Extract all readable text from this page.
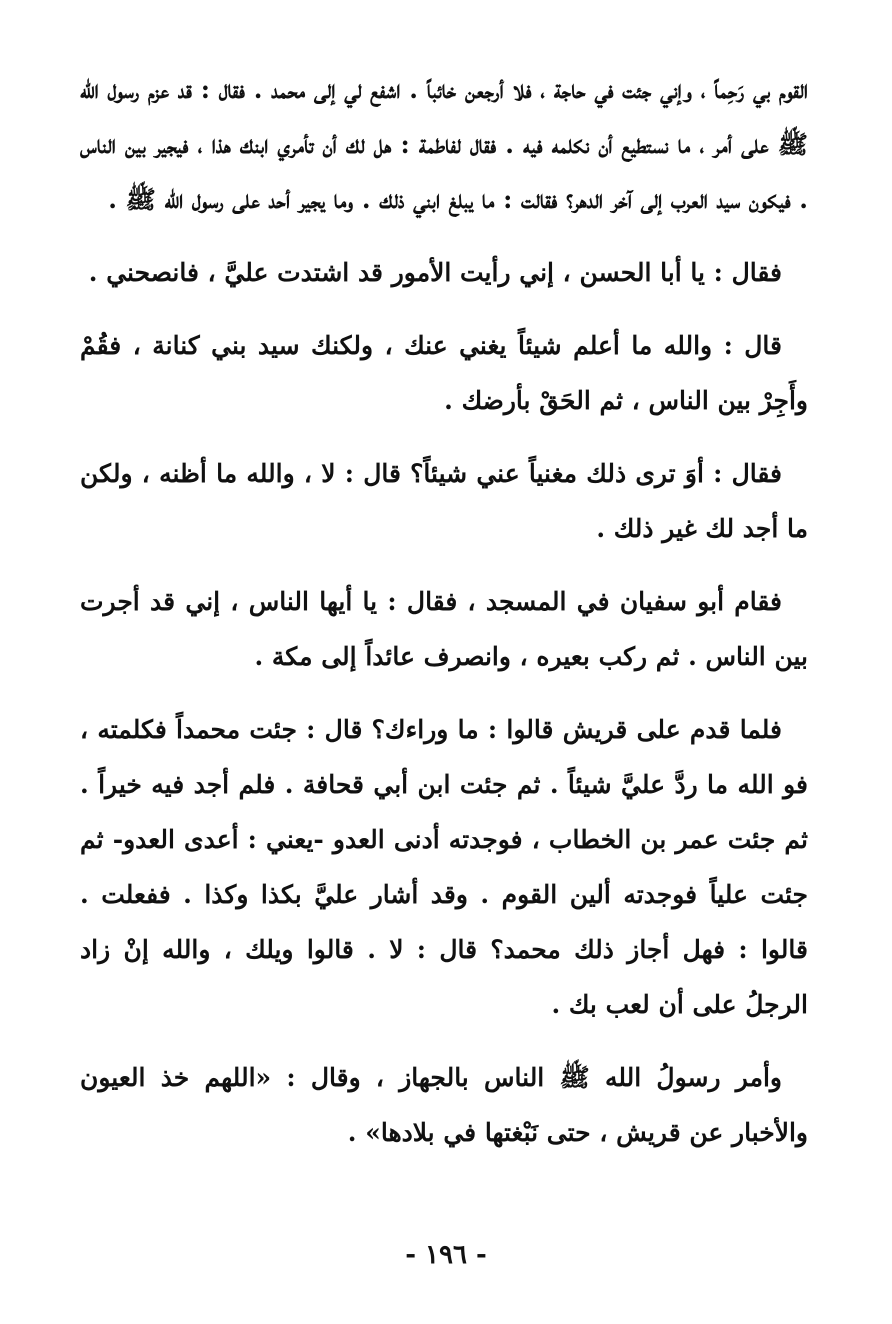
القوم بي رَحِماً ، وإني جئت في حاجة ، فلا أرجعن خائباً . اشفع لي إلى محمد . فقال : قد عزم رسول الله ﷺ على أمر ، ما نستطيع أن نكلمه فيه . فقال لفاطمة : هل لك أن تأمري ابنك هذا ، فيجير بين الناس . فيكون سيد العرب إلى آخر الدهر؟ فقالت : ما يبلغ ابني ذلك . وما يجير أحد على رسول الله ﷺ .

فقال : يا أبا الحسن ، إني رأيت الأمور قد اشتدت عليَّ ، فانصحني .

قال : والله ما أعلم شيئاً يغني عنك ، ولكنك سيد بني كنانة ، فقُمْ وأَجِرْ بين الناس ، ثم الحَقْ بأرضك .

فقال : أوَ ترى ذلك مغنياً عني شيئاً؟ قال : لا ، والله ما أظنه ، ولكن ما أجد لك غير ذلك .

فقام أبو سفيان في المسجد ، فقال : يا أيها الناس ، إني قد أجرت بين الناس . ثم ركب بعيره ، وانصرف عائداً إلى مكة .

فلما قدم على قريش قالوا : ما وراءك؟ قال : جئت محمداً فكلمته ، فو الله ما ردَّ عليَّ شيئاً . ثم جئت ابن أبي قحافة . فلم أجد فيه خيراً . ثم جئت عمر بن الخطاب ، فوجدته أدنى العدو -يعني : أعدى العدو- ثم جئت علياً فوجدته ألين القوم . وقد أشار عليَّ بكذا وكذا . ففعلت . قالوا : فهل أجاز ذلك محمد؟ قال : لا . قالوا ويلك ، والله إنْ زاد الرجلُ على أن لعب بك .

وأمر رسولُ الله ﷺ الناس بالجهاز ، وقال : «اللهم خذ العيون والأخبار عن قريش ، حتى نَبْغتها في بلادها» .

- ١٩٦ -
